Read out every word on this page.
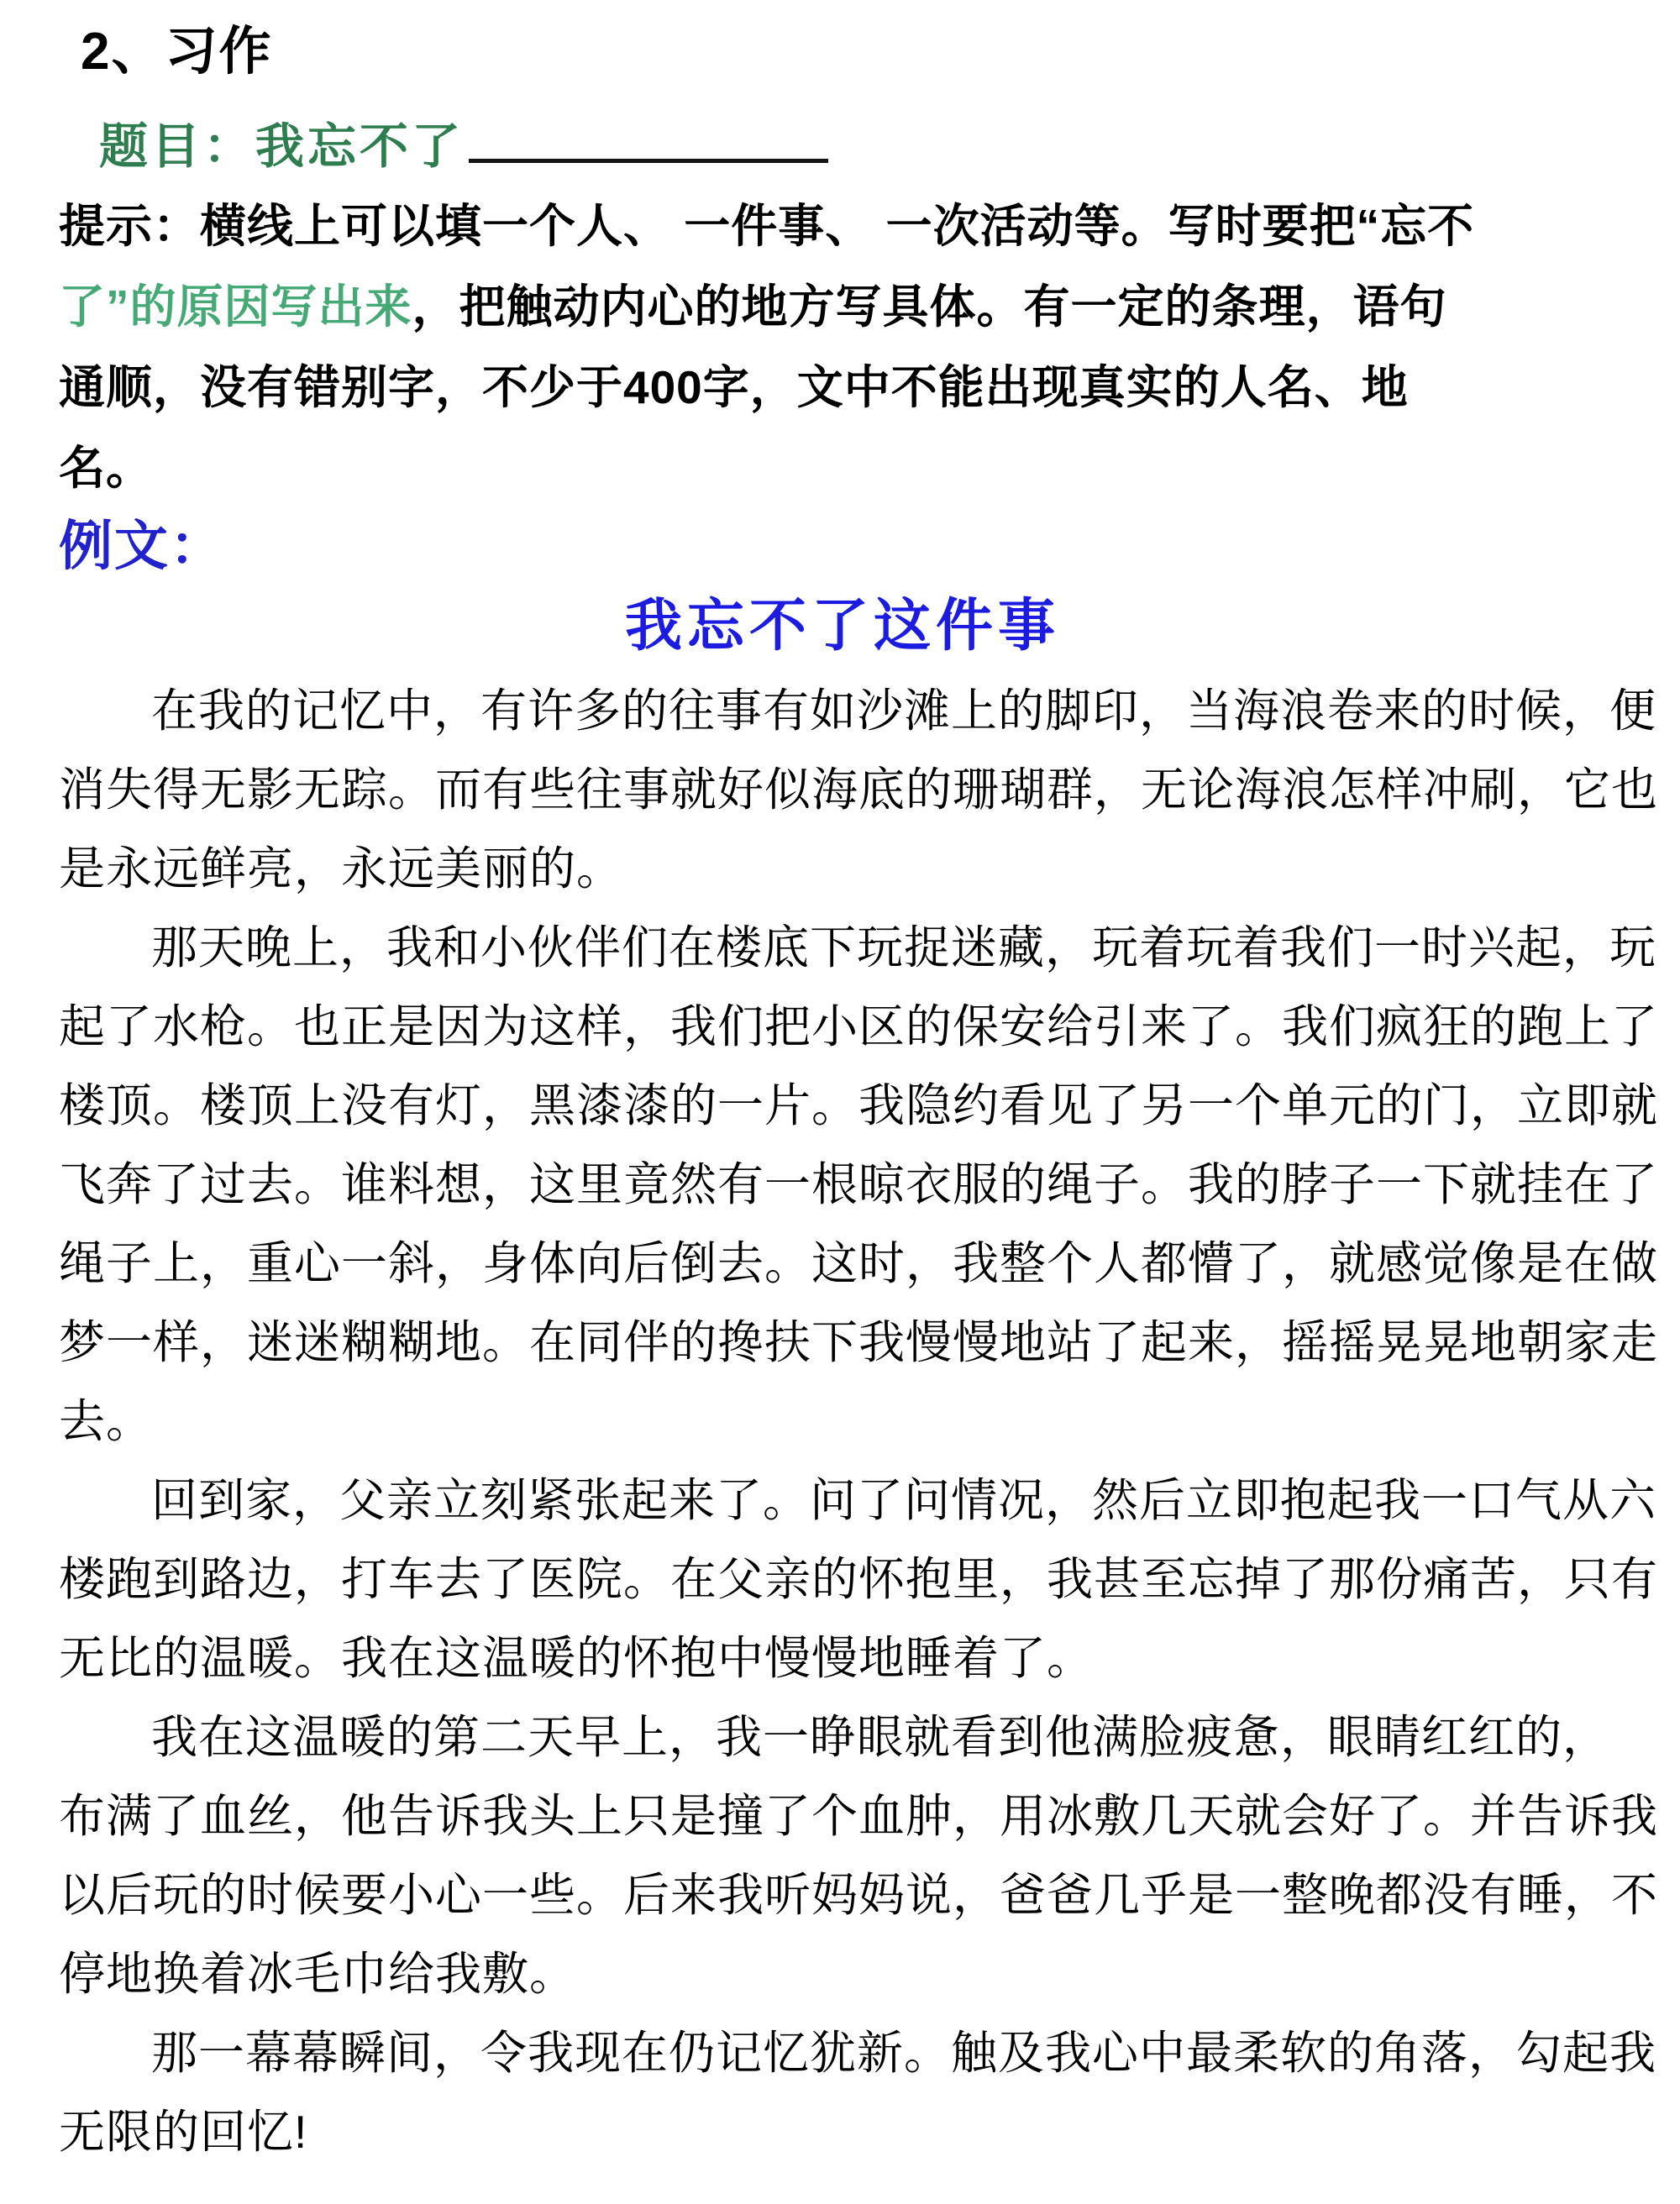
2、习作
题目：我忘不了
提示：横线上可以填一个人、 一件事、 一次活动等。写时要把“忘不
了”的原因写出来，把触动内心的地方写具体。有一定的条理，语句
通顺，没有错别字，不少于400字，文中不能出现真实的人名、地
名。
例文：
我忘不了这件事
在我的记忆中，有许多的往事有如沙滩上的脚印，当海浪卷来的时候，便
消失得无影无踪。而有些往事就好似海底的珊瑚群，无论海浪怎样冲刷，它也
是永远鲜亮，永远美丽的。
那天晚上，我和小伙伴们在楼底下玩捉迷藏，玩着玩着我们一时兴起，玩
起了水枪。也正是因为这样，我们把小区的保安给引来了。我们疯狂的跑上了
楼顶。楼顶上没有灯，黑漆漆的一片。我隐约看见了另一个单元的门，立即就
飞奔了过去。谁料想，这里竟然有一根晾衣服的绳子。我的脖子一下就挂在了
绳子上，重心一斜，身体向后倒去。这时，我整个人都懵了，就感觉像是在做
梦一样，迷迷糊糊地。在同伴的搀扶下我慢慢地站了起来，摇摇晃晃地朝家走
去。
回到家，父亲立刻紧张起来了。问了问情况，然后立即抱起我一口气从六
楼跑到路边，打车去了医院。在父亲的怀抱里，我甚至忘掉了那份痛苦，只有
无比的温暖。我在这温暖的怀抱中慢慢地睡着了。
我在这温暖的第二天早上，我一睁眼就看到他满脸疲惫，眼睛红红的，
布满了血丝，他告诉我头上只是撞了个血肿，用冰敷几天就会好了。并告诉我
以后玩的时候要小心一些。后来我听妈妈说，爸爸几乎是一整晚都没有睡，不
停地换着冰毛巾给我敷。
那一幕幕瞬间，令我现在仍记忆犹新。触及我心中最柔软的角落，勾起我
无限的回忆!
